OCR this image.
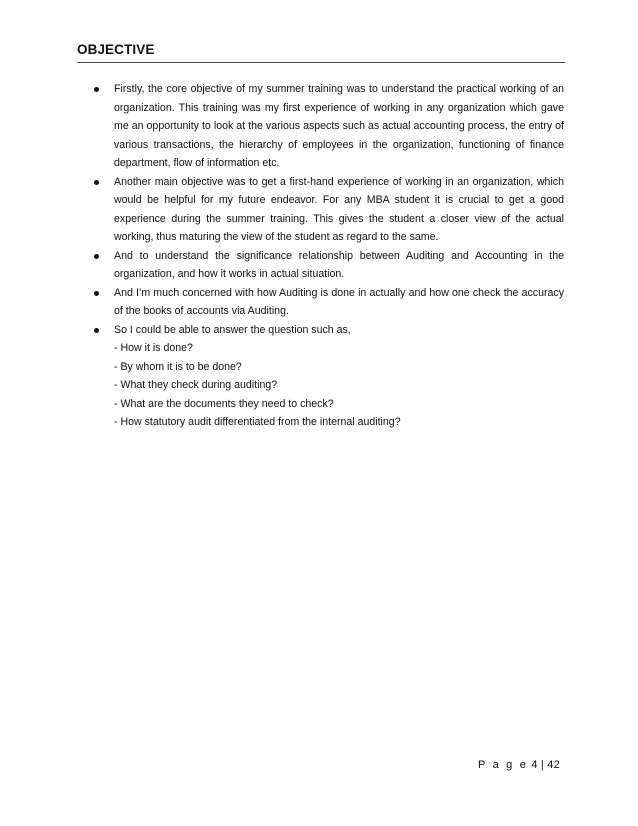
OBJECTIVE
Firstly, the core objective of my summer training was to understand the practical working of an organization. This training was my first experience of working in any organization which gave me an opportunity to look at the various aspects such as actual accounting process, the entry of various transactions, the hierarchy of employees in the organization, functioning of finance department, flow of information etc.
Another main objective was to get a first-hand experience of working in an organization, which would be helpful for my future endeavor. For any MBA student it is crucial to get a good experience during the summer training. This gives the student a closer view of the actual working, thus maturing the view of the student as regard to the same.
And to understand the significance relationship between Auditing and Accounting in the organization, and how it works in actual situation.
And I’m much concerned with how Auditing is done in actually and how one check the accuracy of the books of accounts via Auditing.
So I could be able to answer the question such as,
- How it is done?
- By whom it is to be done?
- What they check during auditing?
- What are the documents they need to check?
- How statutory audit differentiated from the internal auditing?
P a g e 4 | 42
